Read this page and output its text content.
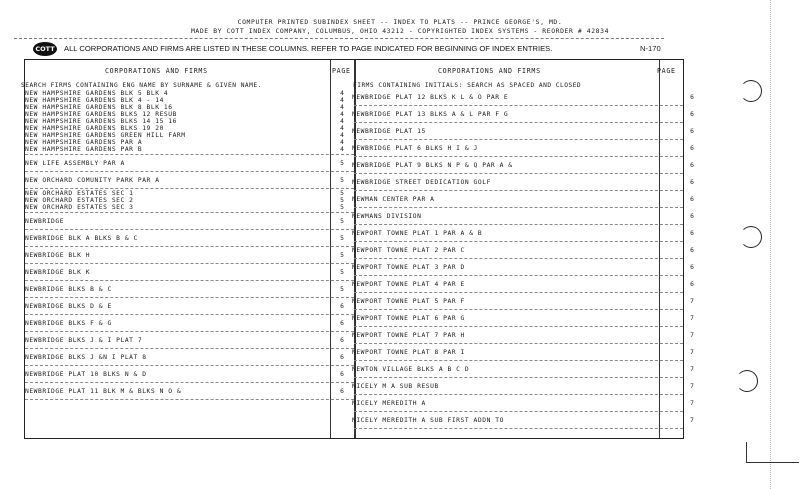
COMPUTER PRINTED SUBINDEX SHEET -- INDEX TO PLATS -- PRINCE GEORGE'S, MD.
MADE BY COTT INDEX COMPANY, COLUMBUS, OHIO 43212 - COPYRIGHTED INDEX SYSTEMS - REORDER # 42834
COTT	ALL CORPORATIONS AND FIRMS ARE LISTED IN THESE COLUMNS. REFER TO PAGE INDICATED FOR BEGINNING OF INDEX ENTRIES.	N-170
CORPORATIONS AND FIRMS	PAGE	CORPORATIONS AND FIRMS	PAGE
SEARCH FIRMS CONTAINING ENG NAME BY SURNAME & GIVEN NAME.	FIRMS CONTAINING INITIALS: SEARCH AS SPACED AND CLOSED
NEW HAMPSHIRE GARDENS BLK 5 BLK 4	4
NEW HAMPSHIRE GARDENS BLK 4 - 14	4
NEW HAMPSHIRE GARDENS BLK 8 BLK 16	4
NEW HAMPSHIRE GARDENS BLKS 12 RESUB	4
NEW HAMPSHIRE GARDENS BLKS 14 15 16	4
NEW HAMPSHIRE GARDENS BLKS 19 20	4
NEW HAMPSHIRE GARDENS GREEN HILL FARM	4
NEW HAMPSHIRE GARDENS PAR A	4
NEW HAMPSHIRE GARDENS PAR B	4
NEW LIFE ASSEMBLY PAR A	5
NEW ORCHARD COMUNITY PARK PAR A	5
NEW ORCHARD ESTATES SEC 1	5
NEW ORCHARD ESTATES SEC 2	5
NEW ORCHARD ESTATES SEC 3	5
NEWBRIDGE	5
NEWBRIDGE BLK A BLKS B & C	5
NEWBRIDGE BLK H	5
NEWBRIDGE BLK K	5
NEWBRIDGE BLKS B & C	5
NEWBRIDGE BLKS D & E	6
NEWBRIDGE BLKS F & G	6
NEWBRIDGE BLKS J & I PLAT 7	6
NEWBRIDGE BLKS J &N I PLAT 8	6
NEWBRIDGE PLAT 10 BLKS N & D	6
NEWBRIDGE PLAT 11 BLK M & BLKS N O &	6
NEWBRIDGE PLAT 12 BLKS K L & O PAR E	6
NEWBRIDGE PLAT 13 BLKS A & L PAR F G	6
NEWBRIDGE PLAT 15	6
NEWBRIDGE PLAT 6 BLKS H I & J	6
NEWBRIDGE PLAT 9 BLKS N P & Q PAR A &	6
NEWBRIDGE STREET DEDICATION GOLF	6
NEWMAN CENTER PAR A	6
NEWMANS DIVISION	6
NEWPORT TOWNE PLAT 1 PAR A & B	6
NEWPORT TOWNE PLAT 2 PAR C	6
NEWPORT TOWNE PLAT 3 PAR D	6
NEWPORT TOWNE PLAT 4 PAR E	6
NEWPORT TOWNE PLAT 5 PAR F	7
NEWPORT TOWNE PLAT 6 PAR G	7
NEWPORT TOWNE PLAT 7 PAR H	7
NEWPORT TOWNE PLAT 8 PAR I	7
NEWTON VILLAGE BLKS A B C D	7
NICELY M A SUB RESUB	7
NICELY MEREDITH A	7
NICELY MEREDITH A SUB FIRST ADDN TO	7
